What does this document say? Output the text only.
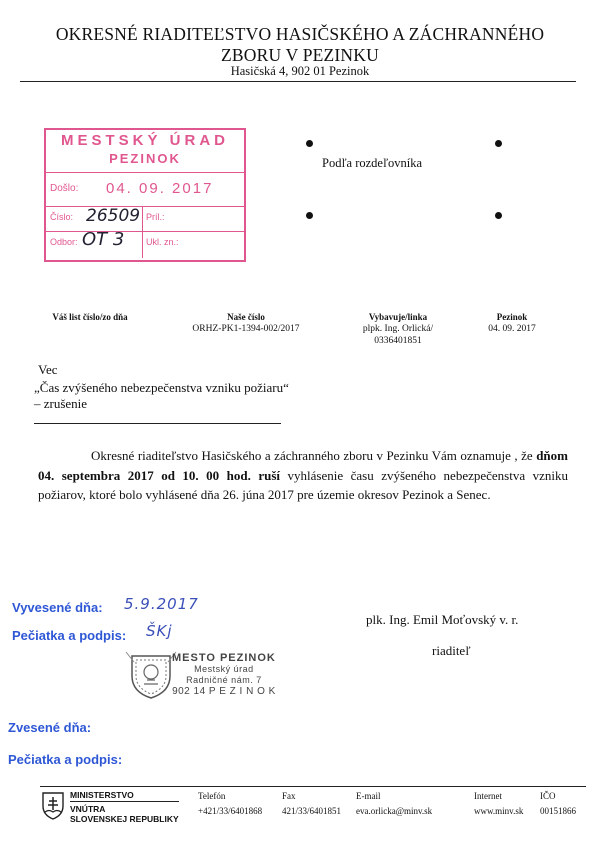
OKRESNÉ RIADITEĽSTVO HASIČSKÉHO A ZÁCHRANNÉHO
ZBORU V PEZINKU
Hasičská 4, 902 01 Pezinok
MESTSKÝ ÚRAD
PEZINOK
Došlo: 04. 09. 2017
Číslo: 26509 Príl.:
Odbor: OT 3 Ukl. zn.:
Podľa rozdeľovníka
Váš list číslo/zo dňa	Naše číslo
ORHZ-PK1-1394-002/2017
Vybavuje/linka
plpk. Ing. Orlická/
0336401851
Pezinok
04. 09. 2017
Vec
„Čas zvýšeného nebezpečenstva vzniku požiaru“
– zrušenie

Okresné riaditeľstvo Hasičského a záchranného zboru v Pezinku Vám oznamuje , že dňom 04. septembra 2017 od 10. 00 hod. ruší vyhlásenie času zvýšeného nebezpečenstva vzniku požiarov, ktoré bolo vyhlásené dňa 26. júna 2017 pre územie okresov Pezinok a Senec.

Vyvesené dňa: 5.9.2017
Pečiatka a podpis: ŠKj
plk. Ing. Emil Moťovský v. r.
riaditeľ
MESTO PEZINOK
Mestský úrad
Radničné nám. 7
902 14 P E Z I N O K
Zvesené dňa:
Pečiatka a podpis:
MINISTERSTVO
VNÚTRA
SLOVENSKEJ REPUBLIKY
Telefón
+421/33/6401868
Fax
421/33/6401851
E-mail
eva.orlicka@minv.sk
Internet
www.minv.sk
IČO
00151866
